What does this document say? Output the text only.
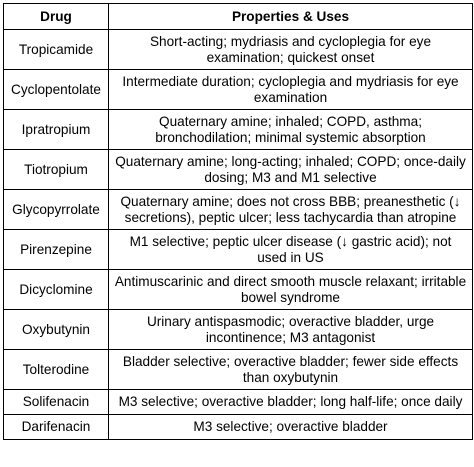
Drug	Properties & Uses
Tropicamide	Short-acting; mydriasis and cycloplegia for eye examination; quickest onset
Cyclopentolate	Intermediate duration; cycloplegia and mydriasis for eye examination
Ipratropium	Quaternary amine; inhaled; COPD, asthma; bronchodilation; minimal systemic absorption
Tiotropium	Quaternary amine; long-acting; inhaled; COPD; once-daily dosing; M3 and M1 selective
Glycopyrrolate	Quaternary amine; does not cross BBB; preanesthetic (↓ secretions), peptic ulcer; less tachycardia than atropine
Pirenzepine	M1 selective; peptic ulcer disease (↓ gastric acid); not used in US
Dicyclomine	Antimuscarinic and direct smooth muscle relaxant; irritable bowel syndrome
Oxybutynin	Urinary antispasmodic; overactive bladder, urge incontinence; M3 antagonist
Tolterodine	Bladder selective; overactive bladder; fewer side effects than oxybutynin
Solifenacin	M3 selective; overactive bladder; long half-life; once daily
Darifenacin	M3 selective; overactive bladder
